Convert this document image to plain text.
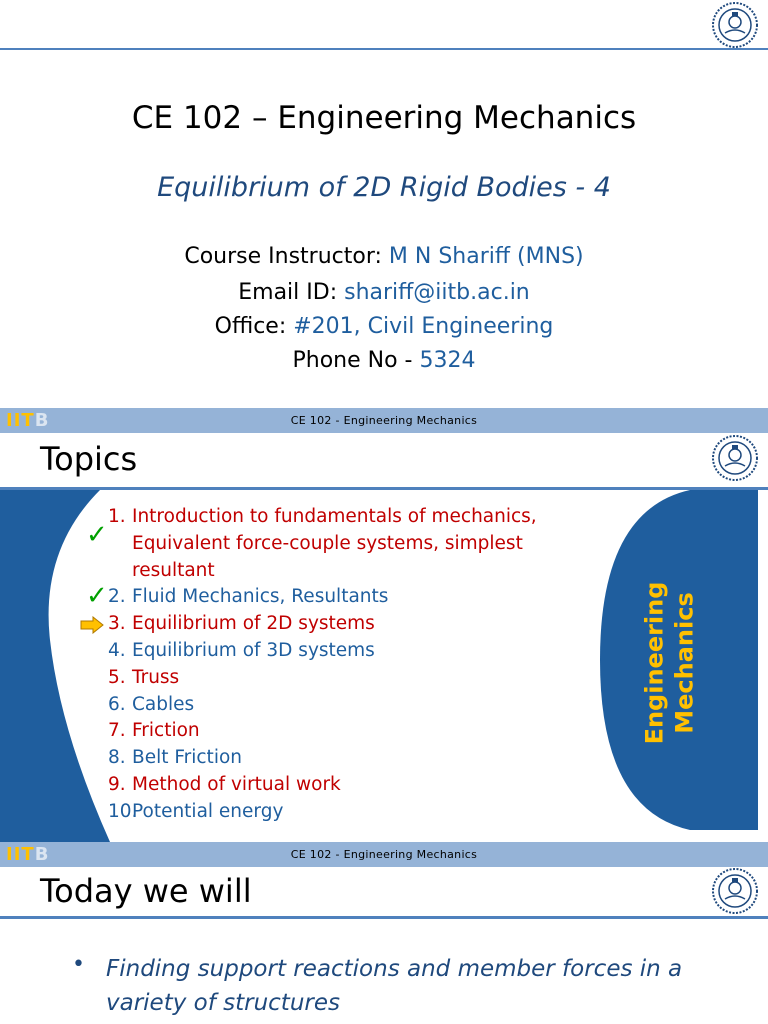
CE 102 – Engineering Mechanics
Equilibrium of 2D Rigid Bodies - 4
Course Instructor: M N Shariff (MNS)
Email ID: shariff@iitb.ac.in
Office: #201, Civil Engineering
Phone No - 5324
IITB	CE 102 - Engineering Mechanics
Topics
Engineering
Mechanics
✓
✓
1. Introduction to fundamentals of mechanics, Equivalent force-couple systems, simplest resultant
2. Fluid Mechanics, Resultants
3. Equilibrium of 2D systems
4. Equilibrium of 3D systems
5. Truss
6. Cables
7. Friction
8. Belt Friction
9. Method of virtual work
10.
Potential energy
IITB	CE 102 - Engineering Mechanics
Today we will
• Finding support reactions and member forces in a variety of structures
